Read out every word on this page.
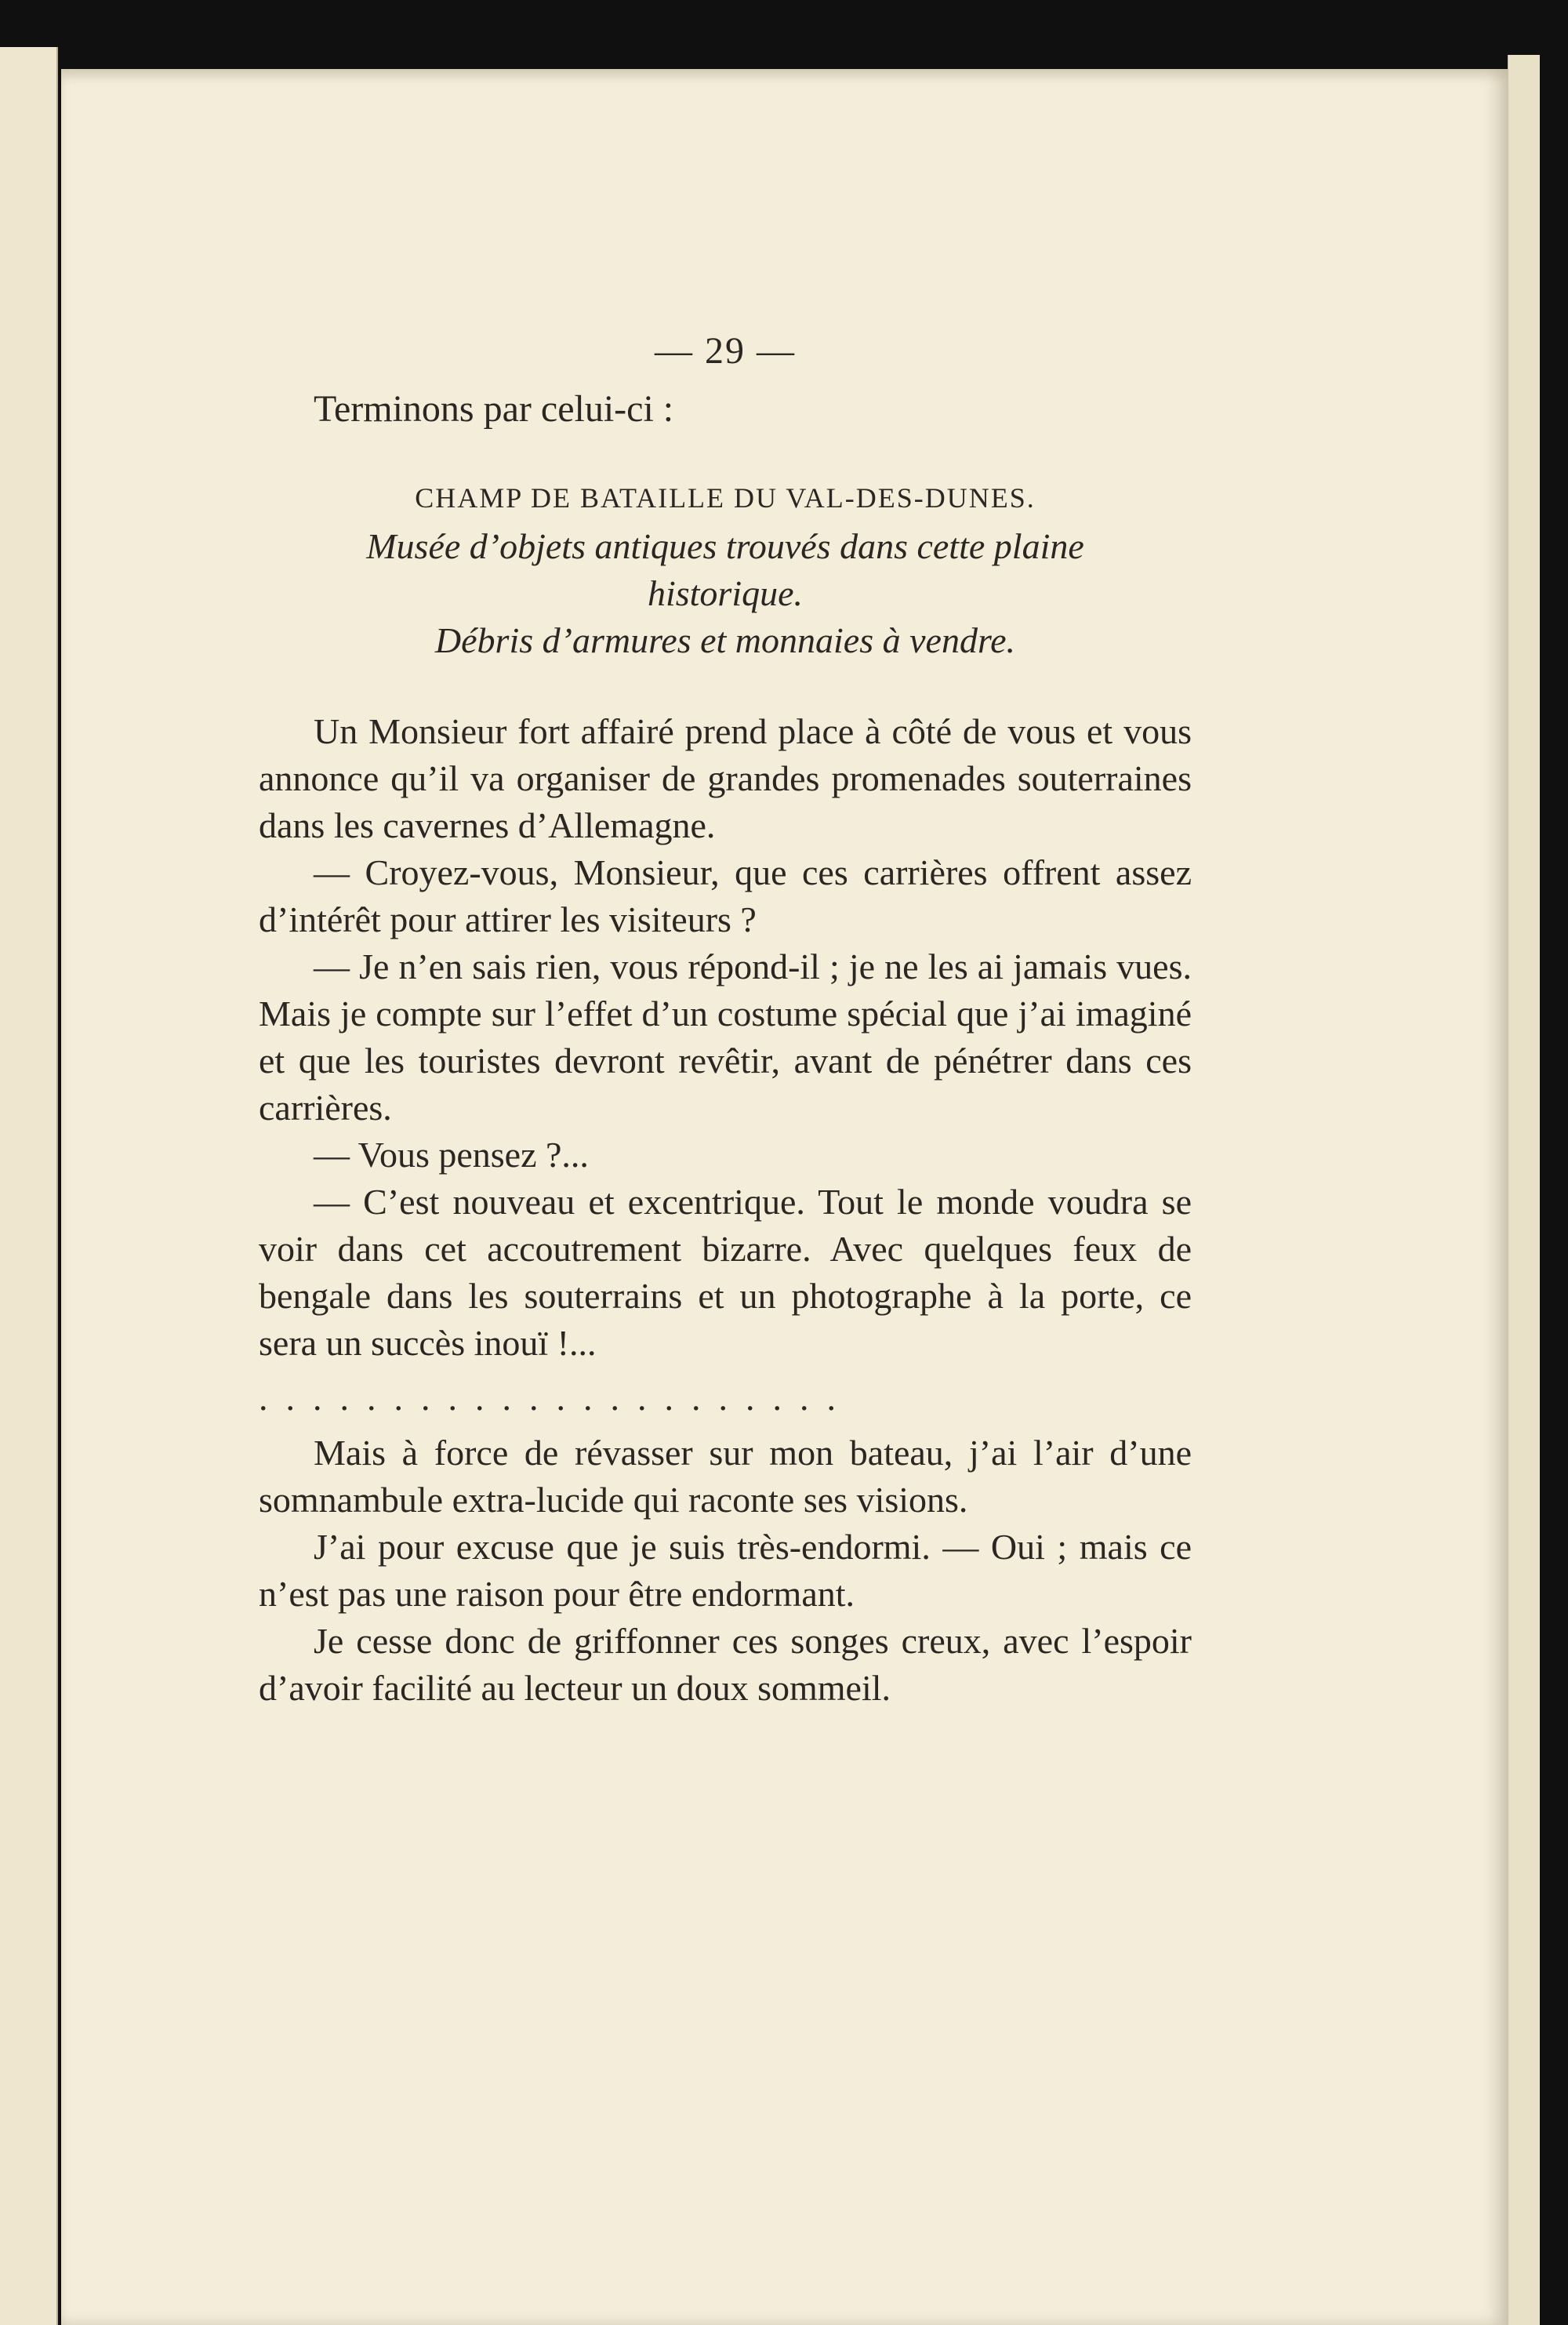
— 29 —

Terminons par celui-ci :

CHAMP DE BATAILLE DU VAL-DES-DUNES.

Musée d’objets antiques trouvés dans cette plaine

historique.

Débris d’armures et monnaies à vendre.

Un Monsieur fort affairé prend place à côté de vous et vous annonce qu’il va organiser de grandes promenades souterraines dans les cavernes d’Allemagne.

— Croyez-vous, Monsieur, que ces carrières offrent assez d’intérêt pour attirer les visiteurs ?

— Je n’en sais rien, vous répond-il ; je ne les ai jamais vues. Mais je compte sur l’effet d’un costume spécial que j’ai imaginé et que les touristes devront revêtir, avant de pénétrer dans ces carrières.

— Vous pensez ?...

— C’est nouveau et excentrique. Tout le monde voudra se voir dans cet accoutrement bizarre. Avec quelques feux de bengale dans les souterrains et un photographe à la porte, ce sera un succès inouï !...

......................

Mais à force de révasser sur mon bateau, j’ai l’air d’une somnambule extra-lucide qui raconte ses visions.

J’ai pour excuse que je suis très-endormi. — Oui ; mais ce n’est pas une raison pour être endormant.

Je cesse donc de griffonner ces songes creux, avec l’espoir d’avoir facilité au lecteur un doux sommeil.
